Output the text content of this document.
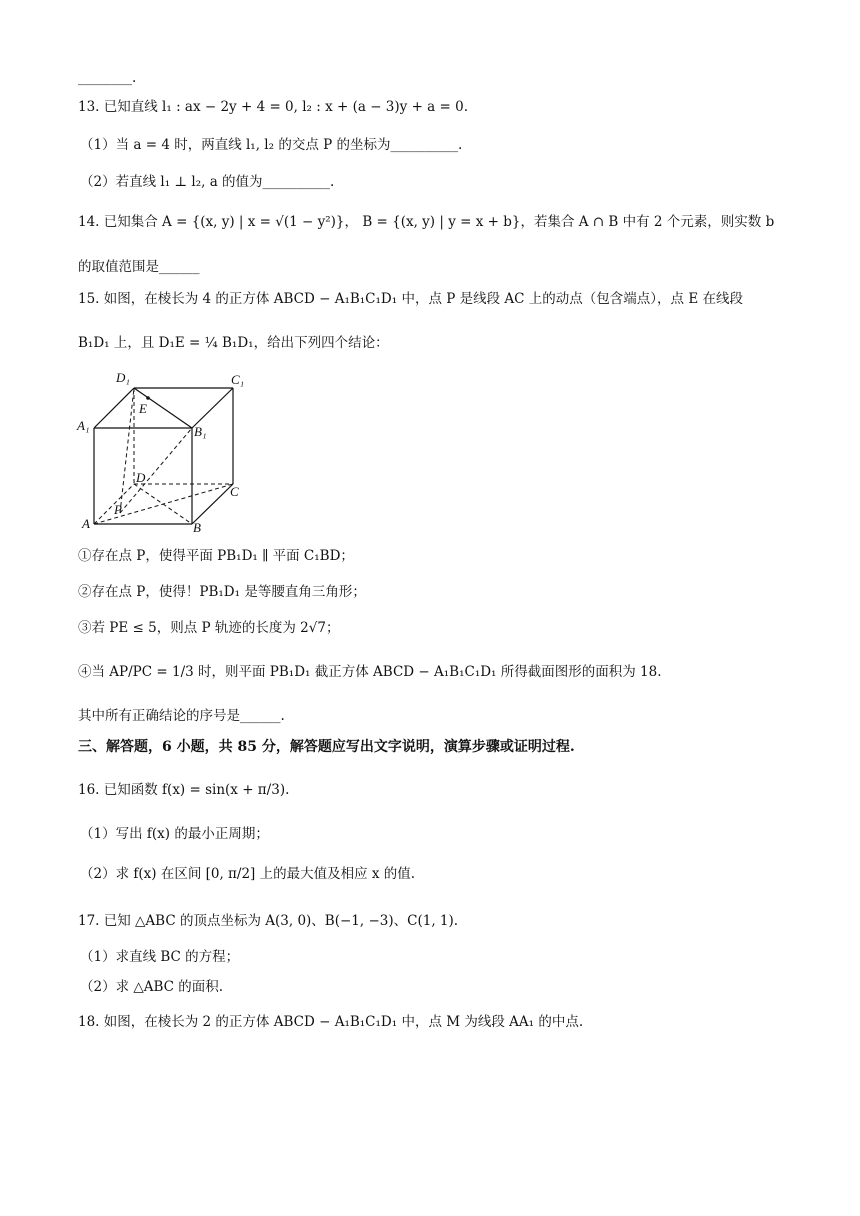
________.
13. 已知直线 l₁ : ax − 2y + 4 = 0, l₂ : x + (a − 3)y + a = 0.
（1）当 a = 4 时，两直线 l₁, l₂ 的交点 P 的坐标为__________.
（2）若直线 l₁ ⊥ l₂, a 的值为__________.
14. 已知集合 A = {(x, y) | x = √(1 − y²)}， B = {(x, y) | y = x + b}，若集合 A ∩ B 中有 2 个元素，则实数 b
的取值范围是______
15. 如图，在棱长为 4 的正方体 ABCD − A₁B₁C₁D₁ 中，点 P 是线段 AC 上的动点（包含端点），点 E 在线段
B₁D₁ 上，且 D₁E = ¼ B₁D₁，给出下列四个结论：
D₁	C₁
A₁	B₁
E
D
C
P
A	B
①存在点 P，使得平面 PB₁D₁ ∥ 平面 C₁BD；
②存在点 P，使得！PB₁D₁ 是等腰直角三角形；
③若 PE ≤ 5，则点 P 轨迹的长度为 2√7；
④当 AP/PC = 1/3 时，则平面 PB₁D₁ 截正方体 ABCD − A₁B₁C₁D₁ 所得截面图形的面积为 18.
其中所有正确结论的序号是______.
三、解答题，6 小题，共 85 分，解答题应写出文字说明，演算步骤或证明过程.
16. 已知函数 f(x) = sin(x + π/3).
（1）写出 f(x) 的最小正周期；
（2）求 f(x) 在区间 [0, π/2] 上的最大值及相应 x 的值.
17. 已知 △ABC 的顶点坐标为 A(3, 0)、B(−1, −3)、C(1, 1).
（1）求直线 BC 的方程；
（2）求 △ABC 的面积.
18. 如图，在棱长为 2 的正方体 ABCD − A₁B₁C₁D₁ 中，点 M 为线段 AA₁ 的中点.
